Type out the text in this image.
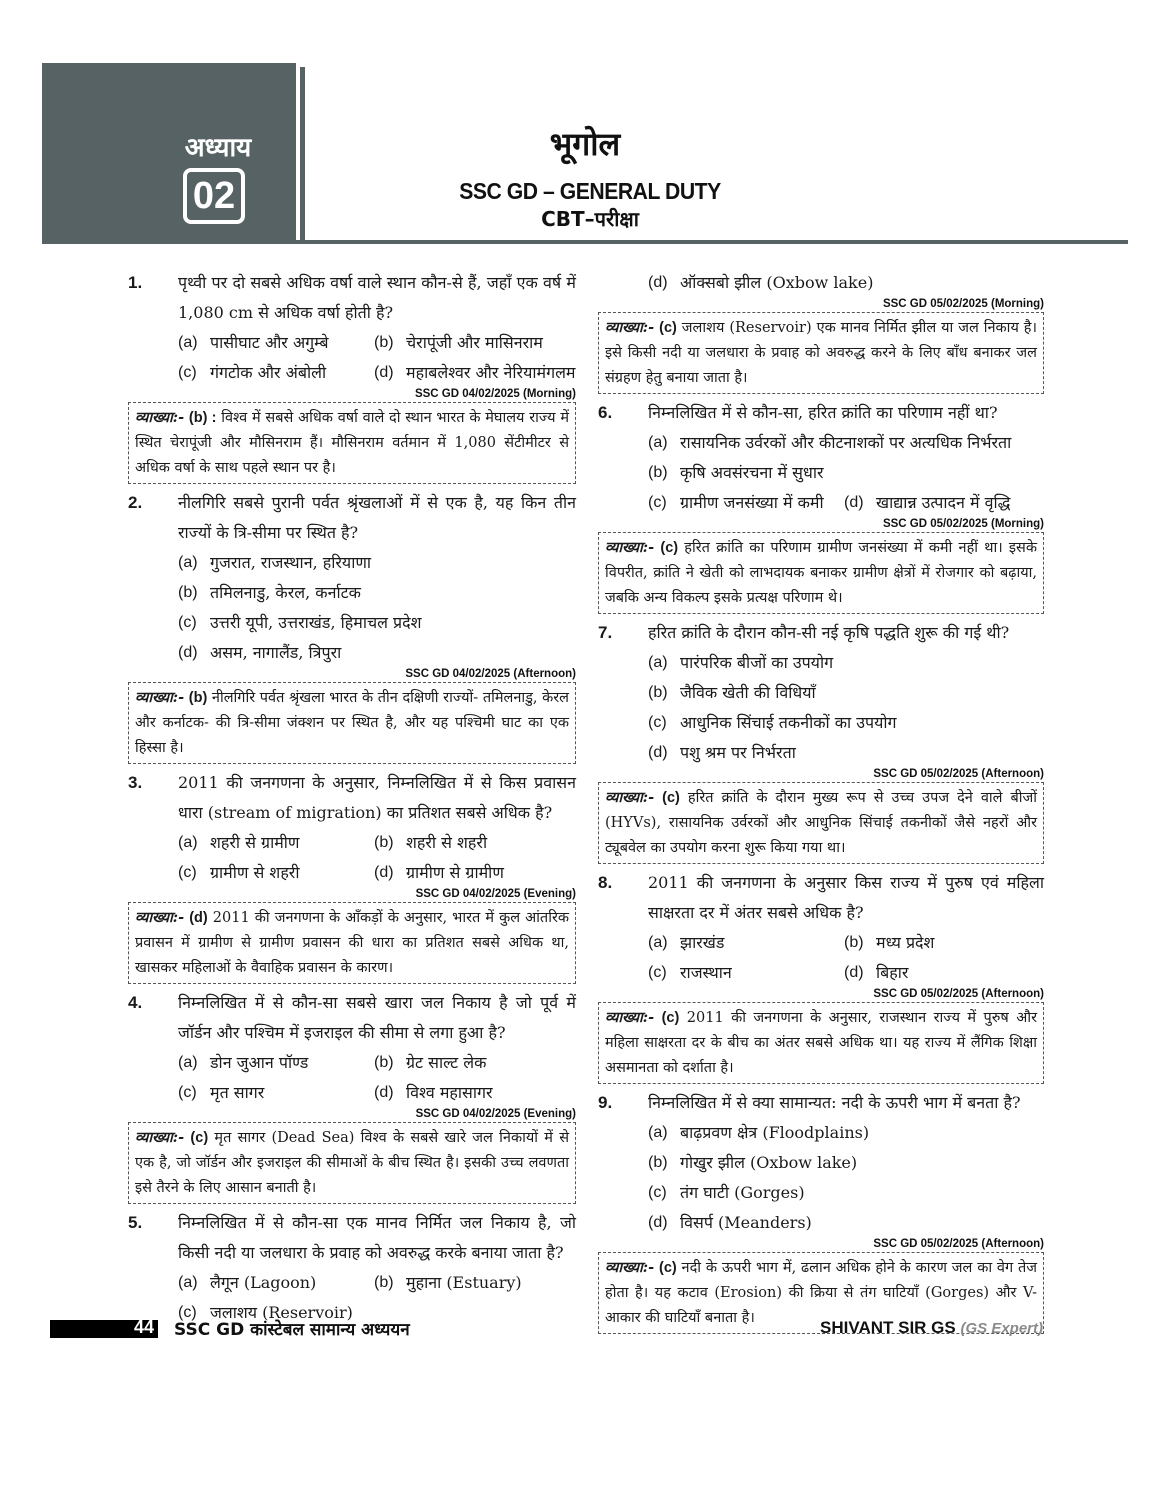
अध्याय
02
भूगोल
SSC GD – GENERAL DUTY
CBT–परीक्षा
1. पृथ्वी पर दो सबसे अधिक वर्षा वाले स्थान कौन-से हैं, जहाँ एक वर्ष में 1,080 cm से अधिक वर्षा होती है?
(a) पासीघाट और अगुम्बे	(b) चेरापूंजी और मासिनराम
(c) गंगटोक और अंबोली	(d) महाबलेश्वर और नेरियामंगलम
SSC GD 04/02/2025 (Morning)
व्याख्या:- (b) : विश्व में सबसे अधिक वर्षा वाले दो स्थान भारत के मेघालय राज्य में स्थित चेरापूंजी और मौसिनराम हैं। मौसिनराम वर्तमान में 1,080 सेंटीमीटर से अधिक वर्षा के साथ पहले स्थान पर है।
2. नीलगिरि सबसे पुरानी पर्वत श्रृंखलाओं में से एक है, यह किन तीन राज्यों के त्रि-सीमा पर स्थित है?
(a) गुजरात, राजस्थान, हरियाणा
(b) तमिलनाडु, केरल, कर्नाटक
(c) उत्तरी यूपी, उत्तराखंड, हिमाचल प्रदेश
(d) असम, नागालैंड, त्रिपुरा
SSC GD 04/02/2025 (Afternoon)
व्याख्या:- (b) नीलगिरि पर्वत श्रृंखला भारत के तीन दक्षिणी राज्यों- तमिलनाडु, केरल और कर्नाटक- की त्रि-सीमा जंक्शन पर स्थित है, और यह पश्चिमी घाट का एक हिस्सा है।
3. 2011 की जनगणना के अनुसार, निम्नलिखित में से किस प्रवासन धारा (stream of migration) का प्रतिशत सबसे अधिक है?
(a) शहरी से ग्रामीण	(b) शहरी से शहरी
(c) ग्रामीण से शहरी	(d) ग्रामीण से ग्रामीण
SSC GD 04/02/2025 (Evening)
व्याख्या:- (d) 2011 की जनगणना के आँकड़ों के अनुसार, भारत में कुल आंतरिक प्रवासन में ग्रामीण से ग्रामीण प्रवासन की धारा का प्रतिशत सबसे अधिक था, खासकर महिलाओं के वैवाहिक प्रवासन के कारण।
4. निम्नलिखित में से कौन-सा सबसे खारा जल निकाय है जो पूर्व में जॉर्डन और पश्चिम में इजराइल की सीमा से लगा हुआ है?
(a) डोन जुआन पॉण्ड	(b) ग्रेट साल्ट लेक
(c) मृत सागर	(d) विश्व महासागर
SSC GD 04/02/2025 (Evening)
व्याख्या:- (c) मृत सागर (Dead Sea) विश्व के सबसे खारे जल निकायों में से एक है, जो जॉर्डन और इजराइल की सीमाओं के बीच स्थित है। इसकी उच्च लवणता इसे तैरने के लिए आसान बनाती है।
5. निम्नलिखित में से कौन-सा एक मानव निर्मित जल निकाय है, जो किसी नदी या जलधारा के प्रवाह को अवरुद्ध करके बनाया जाता है?
(a) लैगून (Lagoon)	(b) मुहाना (Estuary)
(c) जलाशय (Reservoir)
(d) ऑक्सबो झील (Oxbow lake)
SSC GD 05/02/2025 (Morning)
व्याख्या:- (c) जलाशय (Reservoir) एक मानव निर्मित झील या जल निकाय है। इसे किसी नदी या जलधारा के प्रवाह को अवरुद्ध करने के लिए बाँध बनाकर जल संग्रहण हेतु बनाया जाता है।
6. निम्नलिखित में से कौन-सा, हरित क्रांति का परिणाम नहीं था?
(a) रासायनिक उर्वरकों और कीटनाशकों पर अत्यधिक निर्भरता
(b) कृषि अवसंरचना में सुधार
(c) ग्रामीण जनसंख्या में कमी (d) खाद्यान्न उत्पादन में वृद्धि
SSC GD 05/02/2025 (Morning)
व्याख्या:- (c) हरित क्रांति का परिणाम ग्रामीण जनसंख्या में कमी नहीं था। इसके विपरीत, क्रांति ने खेती को लाभदायक बनाकर ग्रामीण क्षेत्रों में रोजगार को बढ़ाया, जबकि अन्य विकल्प इसके प्रत्यक्ष परिणाम थे।
7. हरित क्रांति के दौरान कौन-सी नई कृषि पद्धति शुरू की गई थी?
(a) पारंपरिक बीजों का उपयोग
(b) जैविक खेती की विधियाँ
(c) आधुनिक सिंचाई तकनीकों का उपयोग
(d) पशु श्रम पर निर्भरता
SSC GD 05/02/2025 (Afternoon)
व्याख्या:- (c) हरित क्रांति के दौरान मुख्य रूप से उच्च उपज देने वाले बीजों (HYVs), रासायनिक उर्वरकों और आधुनिक सिंचाई तकनीकों जैसे नहरों और ट्यूबवेल का उपयोग करना शुरू किया गया था।
8. 2011 की जनगणना के अनुसार किस राज्य में पुरुष एवं महिला साक्षरता दर में अंतर सबसे अधिक है?
(a) झारखंड	(b) मध्य प्रदेश
(c) राजस्थान	(d) बिहार
SSC GD 05/02/2025 (Afternoon)
व्याख्या:- (c) 2011 की जनगणना के अनुसार, राजस्थान राज्य में पुरुष और महिला साक्षरता दर के बीच का अंतर सबसे अधिक था। यह राज्य में लैंगिक शिक्षा असमानता को दर्शाता है।
9. निम्नलिखित में से क्या सामान्यत: नदी के ऊपरी भाग में बनता है?
(a) बाढ़प्रवण क्षेत्र (Floodplains)
(b) गोखुर झील (Oxbow lake)
(c) तंग घाटी (Gorges)
(d) विसर्प (Meanders)
SSC GD 05/02/2025 (Afternoon)
व्याख्या:- (c) नदी के ऊपरी भाग में, ढलान अधिक होने के कारण जल का वेग तेज होता है। यह कटाव (Erosion) की क्रिया से तंग घाटियाँ (Gorges) और V-आकार की घाटियाँ बनाता है।
44 SSC GD कांस्टेबल सामान्य अध्ययन	SHIVANT SIR GS (GS Expert)
